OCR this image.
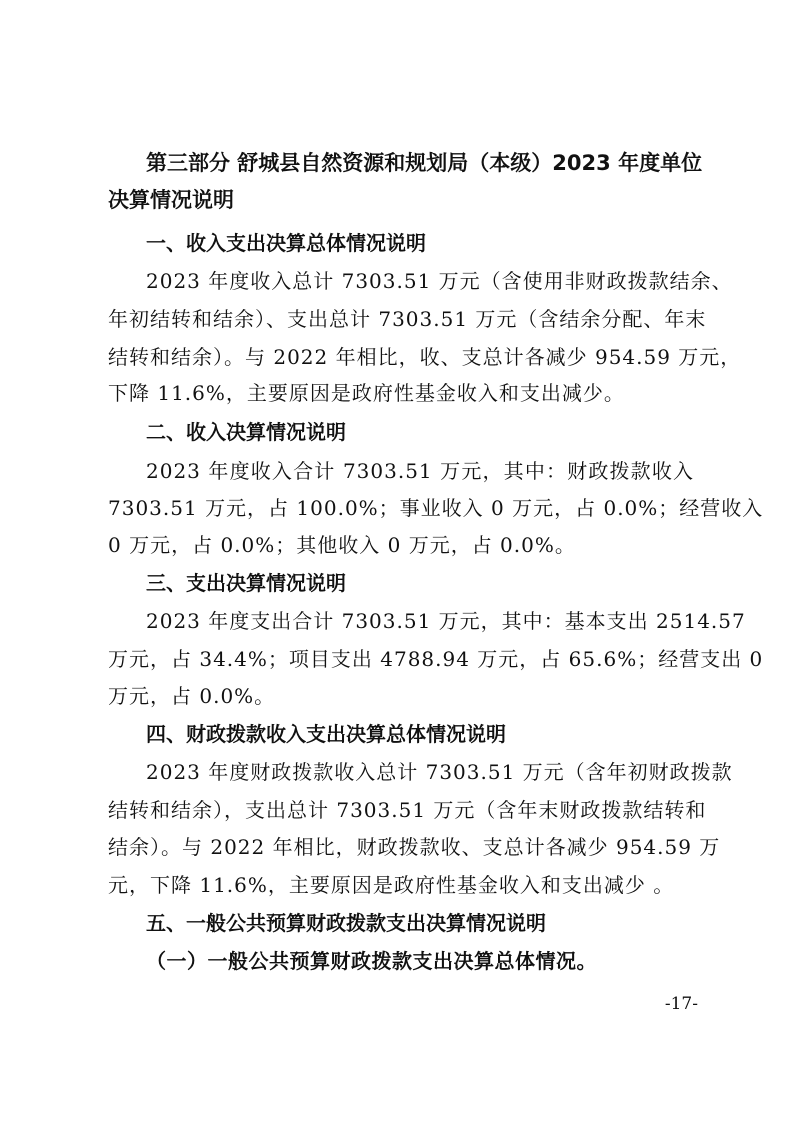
第三部分 舒城县自然资源和规划局（本级）2023 年度单位
决算情况说明
一、收入支出决算总体情况说明
2023 年度收入总计 7303.51 万元（含使用非财政拨款结余、
年初结转和结余）、支出总计 7303.51 万元（含结余分配、年末
结转和结余）。与 2022 年相比，收、支总计各减少 954.59 万元，
下降 11.6%，主要原因是政府性基金收入和支出减少。
二、收入决算情况说明
2023 年度收入合计 7303.51 万元，其中：财政拨款收入
7303.51 万元，占 100.0%；事业收入 0 万元，占 0.0%；经营收入
0 万元，占 0.0%；其他收入 0 万元，占 0.0%。
三、支出决算情况说明
2023 年度支出合计 7303.51 万元，其中：基本支出 2514.57
万元，占 34.4%；项目支出 4788.94 万元，占 65.6%；经营支出 0
万元，占 0.0%。
四、财政拨款收入支出决算总体情况说明
2023 年度财政拨款收入总计 7303.51 万元（含年初财政拨款
结转和结余），支出总计 7303.51 万元（含年末财政拨款结转和
结余）。与 2022 年相比，财政拨款收、支总计各减少 954.59 万
元，下降 11.6%，主要原因是政府性基金收入和支出减少 。
五、一般公共预算财政拨款支出决算情况说明
（一）一般公共预算财政拨款支出决算总体情况。
-17-
